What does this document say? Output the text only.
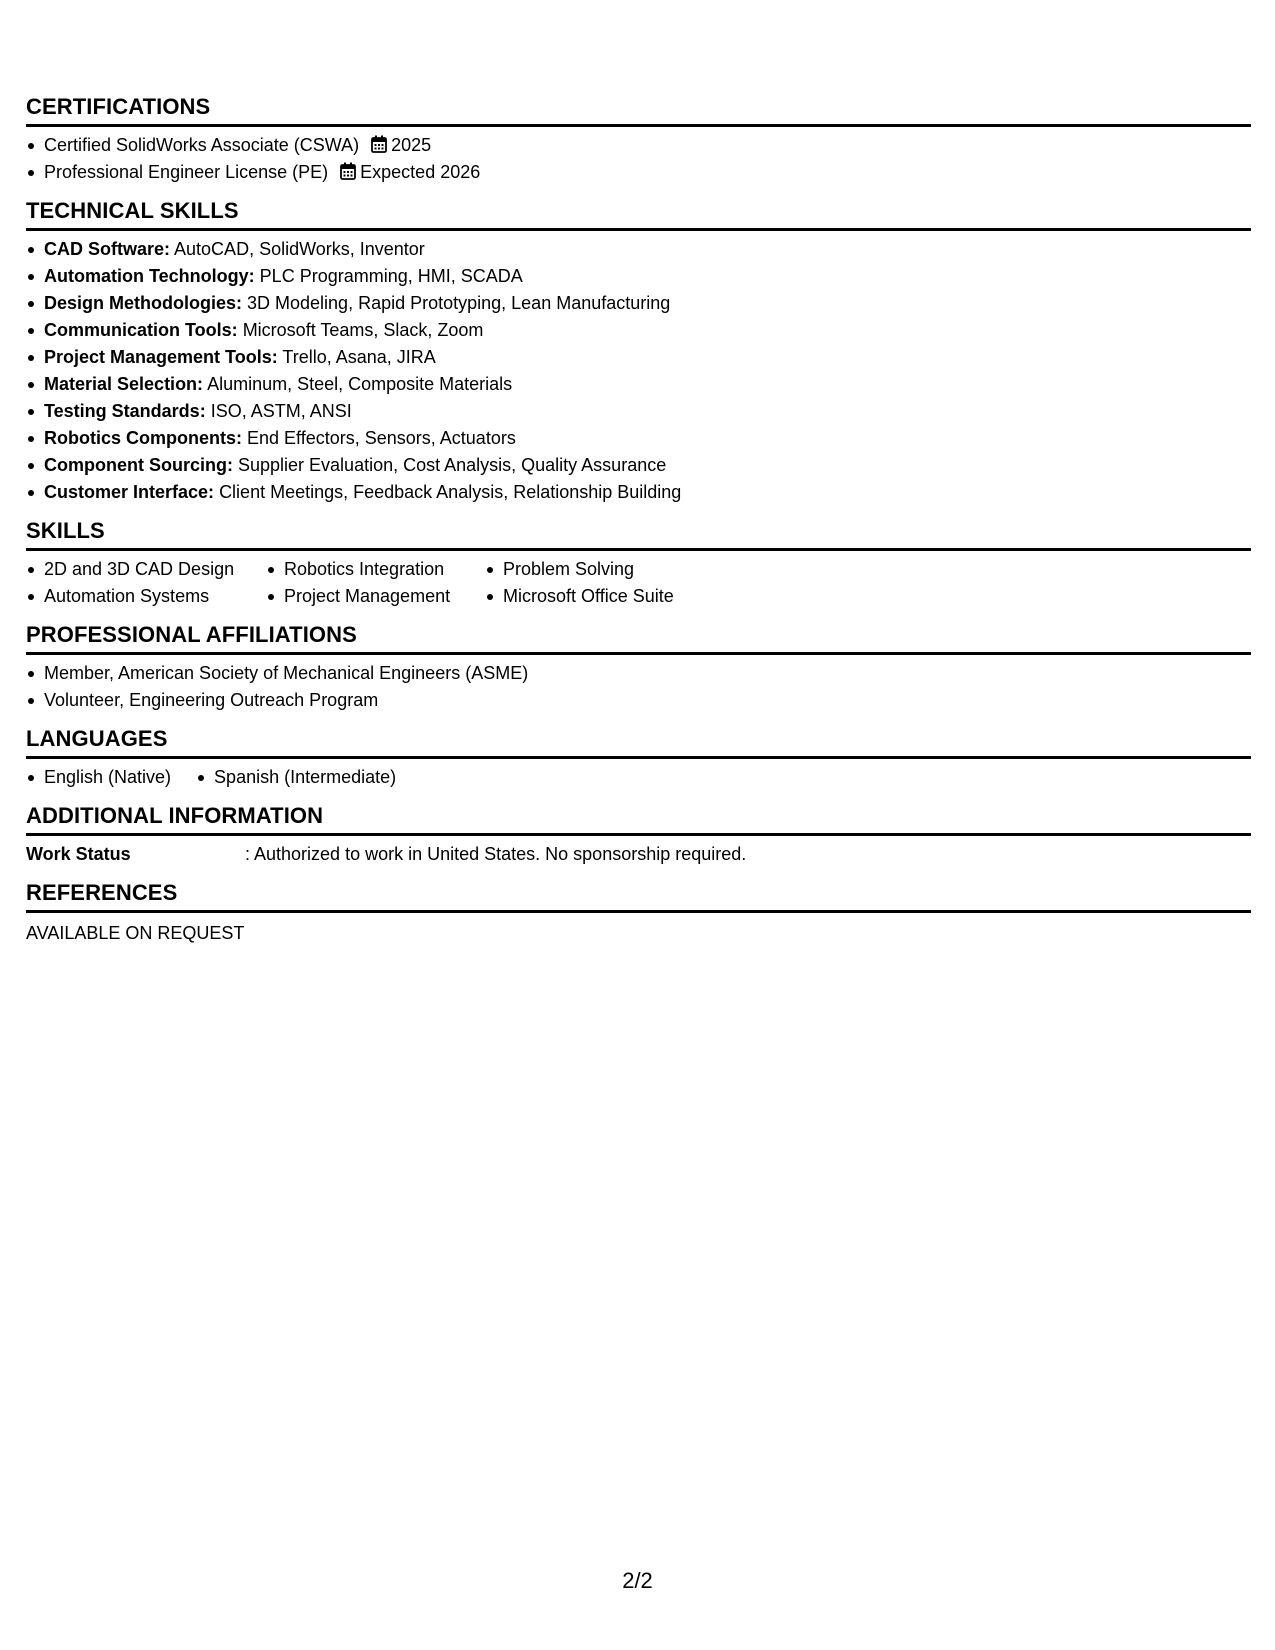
CERTIFICATIONS
Certified SolidWorks Associate (CSWA) 2025
Professional Engineer License (PE) Expected 2026
TECHNICAL SKILLS
CAD Software: AutoCAD, SolidWorks, Inventor
Automation Technology: PLC Programming, HMI, SCADA
Design Methodologies: 3D Modeling, Rapid Prototyping, Lean Manufacturing
Communication Tools: Microsoft Teams, Slack, Zoom
Project Management Tools: Trello, Asana, JIRA
Material Selection: Aluminum, Steel, Composite Materials
Testing Standards: ISO, ASTM, ANSI
Robotics Components: End Effectors, Sensors, Actuators
Component Sourcing: Supplier Evaluation, Cost Analysis, Quality Assurance
Customer Interface: Client Meetings, Feedback Analysis, Relationship Building
SKILLS
2D and 3D CAD Design	Robotics Integration	Problem Solving
Automation Systems	Project Management	Microsoft Office Suite
PROFESSIONAL AFFILIATIONS
Member, American Society of Mechanical Engineers (ASME)
Volunteer, Engineering Outreach Program
LANGUAGES
English (Native) Spanish (Intermediate)
ADDITIONAL INFORMATION
Work Status	: Authorized to work in United States. No sponsorship required.
REFERENCES
AVAILABLE ON REQUEST
2/2
